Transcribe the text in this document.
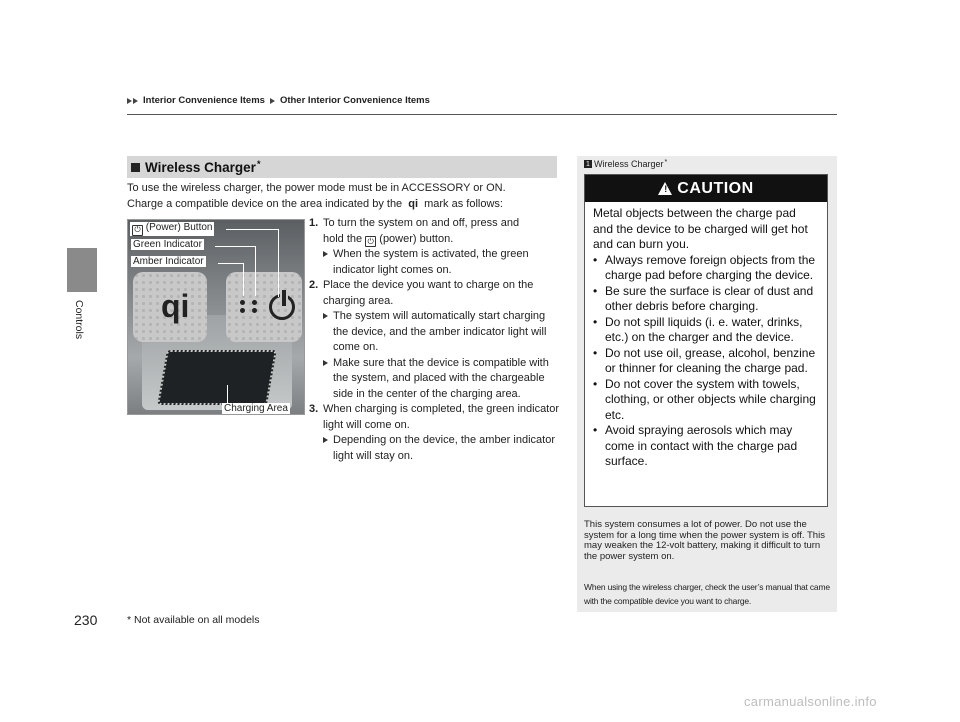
Interior Convenience Items Other Interior Convenience Items
Controls
Wireless Charger*
To use the wireless charger, the power mode must be in ACCESSORY or ON.
Charge a compatible device on the area indicated by the qi mark as follows:
qi
⏻ (Power) Button
Green Indicator
Amber Indicator
Charging Area
1. To turn the system on and off, press and
hold the ⏻ (power) button.
When the system is activated, the green indicator light comes on.
2. Place the device you want to charge on the charging area.
The system will automatically start charging the device, and the amber indicator light will come on.
Make sure that the device is compatible with the system, and placed with the chargeable side in the center of the charging area.
3. When charging is completed, the green indicator light will come on.
Depending on the device, the amber indicator light will stay on.
1 Wireless Charger*
! CAUTION

Metal objects between the charge pad and the device to be charged will get hot and can burn you.

• Always remove foreign objects from the charge pad before charging the device.
• Be sure the surface is clear of dust and other debris before charging.
• Do not spill liquids (i. e. water, drinks, etc.) on the charger and the device.
• Do not use oil, grease, alcohol, benzine or thinner for cleaning the charge pad.
• Do not cover the system with towels, clothing, or other objects while charging etc.
• Avoid spraying aerosols which may come in contact with the charge pad surface.
This system consumes a lot of power. Do not use the system for a long time when the power system is off. This may weaken the 12-volt battery, making it difficult to turn the power system on.
When using the wireless charger, check the user’s manual that came with the compatible device you want to charge.
230	* Not available on all models
carmanualsonline.info
